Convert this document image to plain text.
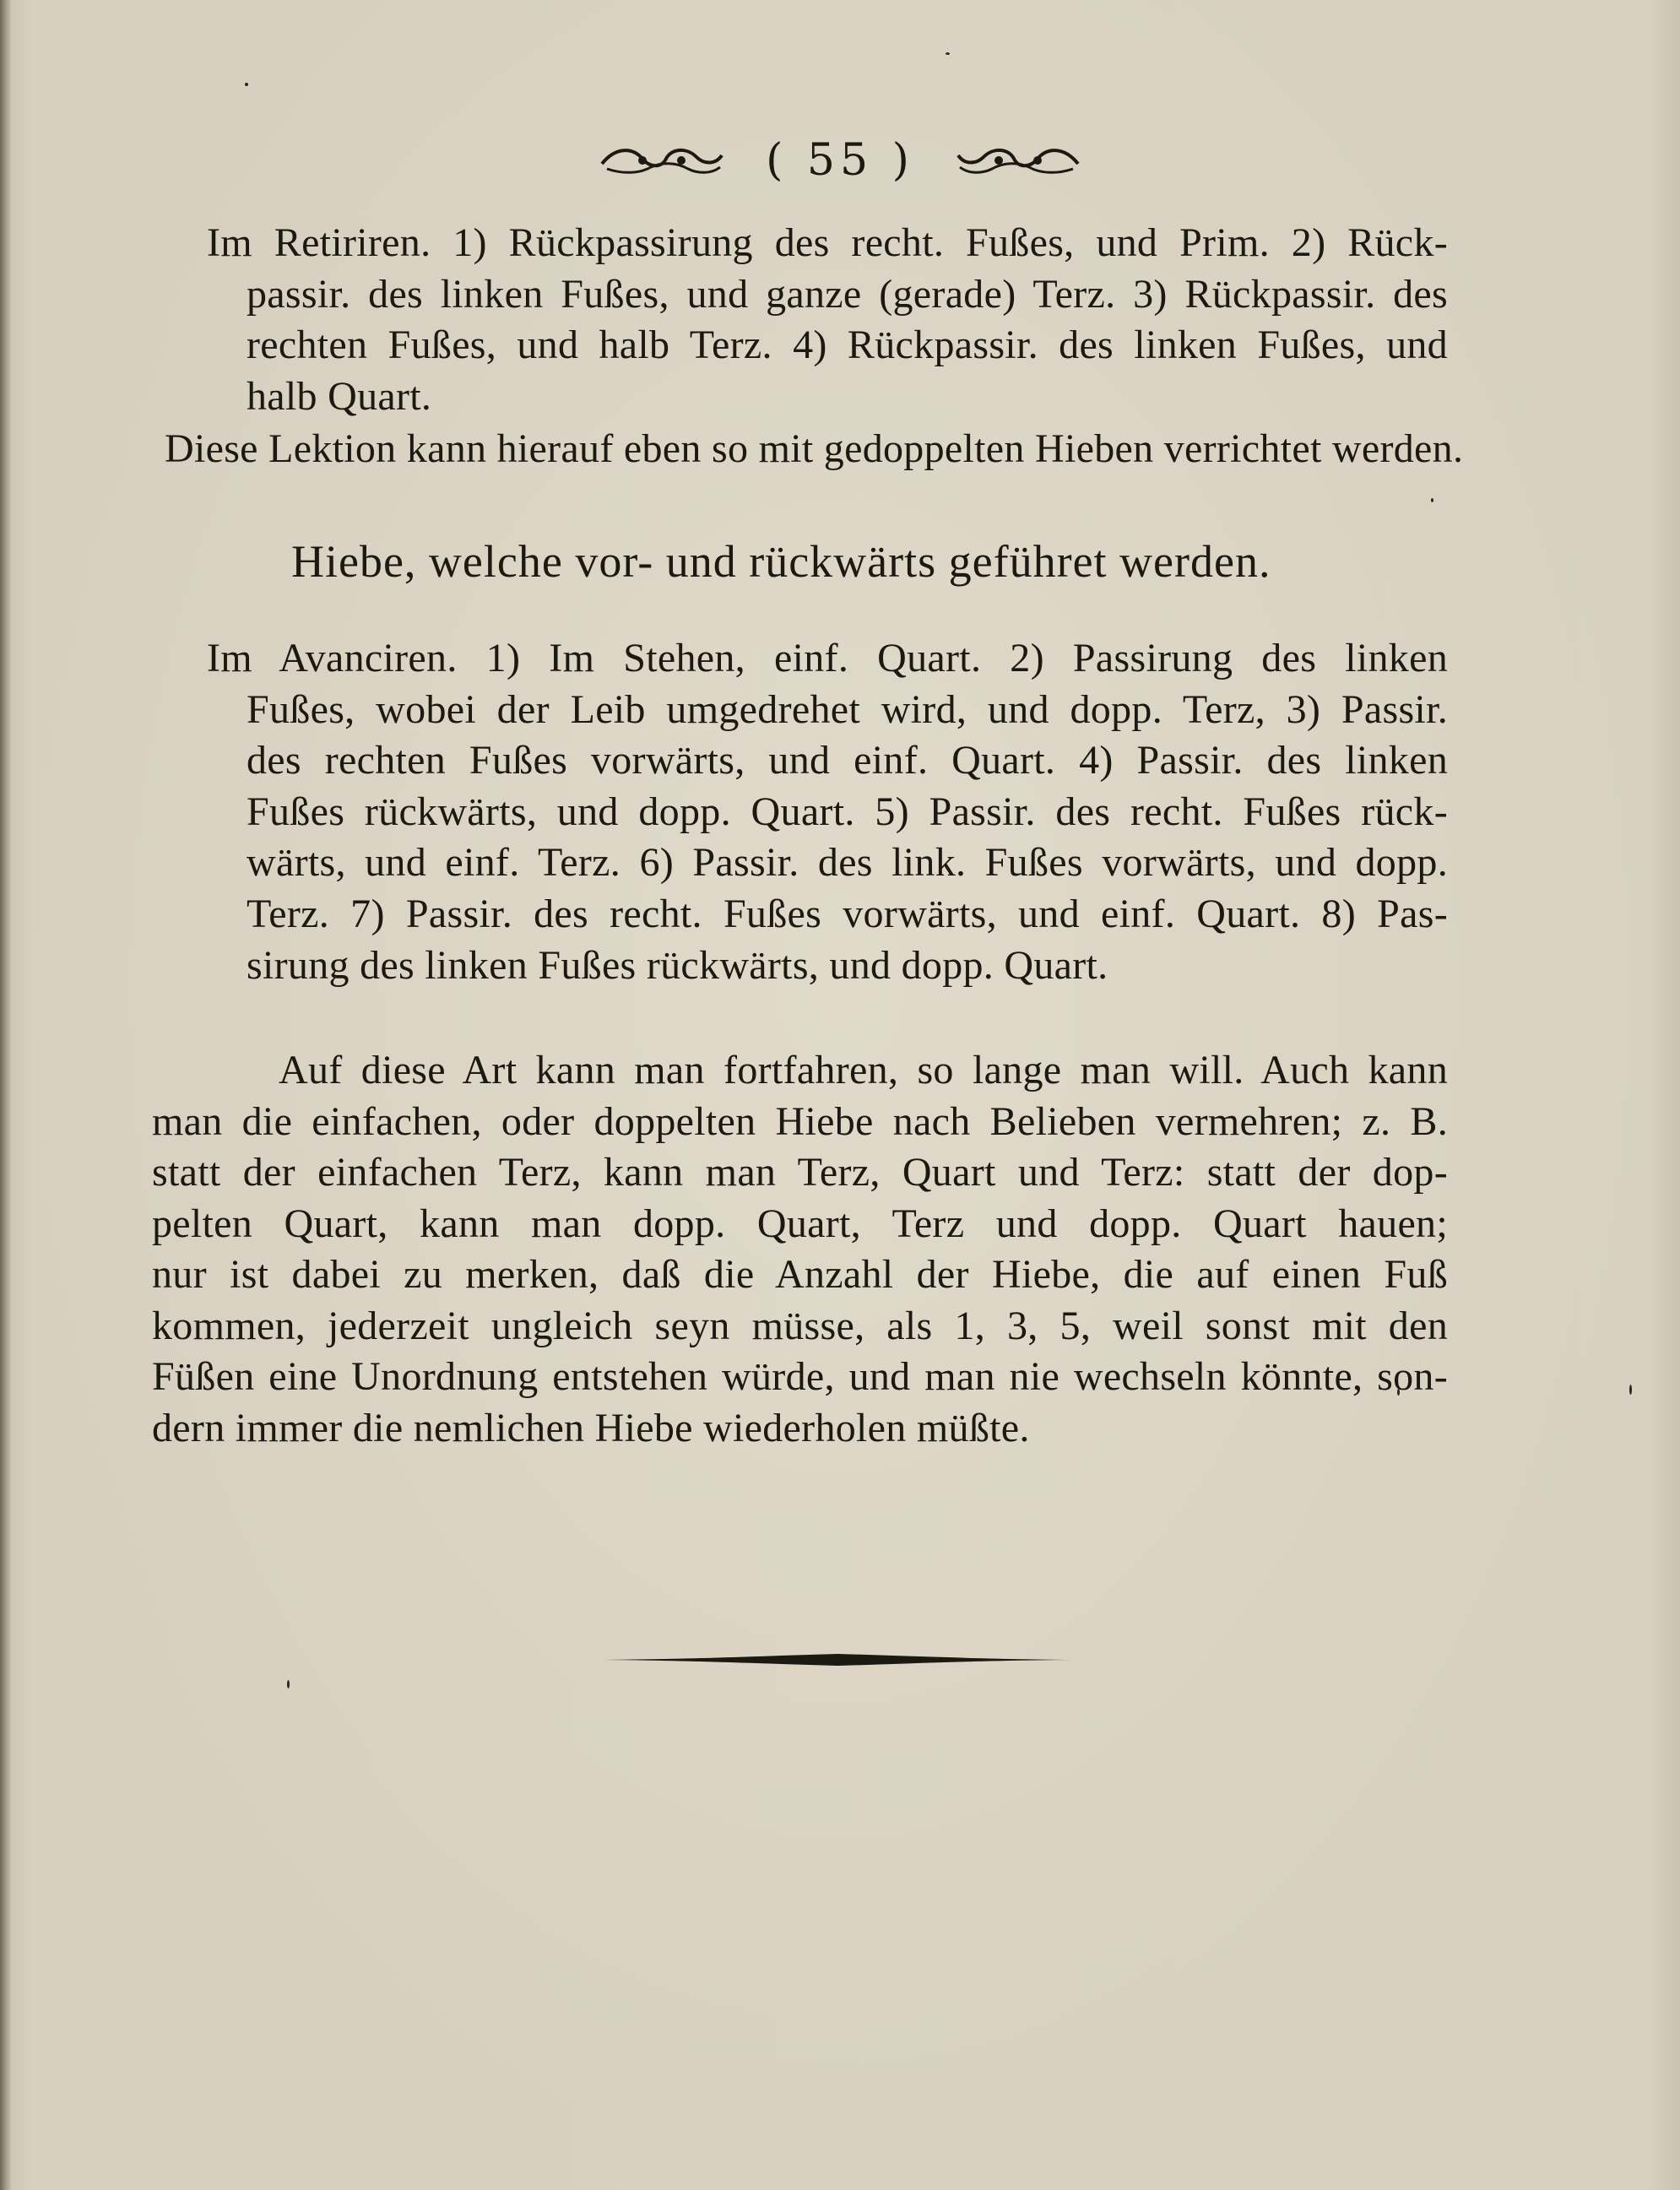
( 55 )
Im Retiriren. 1) Rückpassirung des recht. Fußes, und Prim. 2) Rück-
passir. des linken Fußes, und ganze (gerade) Terz. 3) Rückpassir. des
rechten Fußes, und halb Terz. 4) Rückpassir. des linken Fußes, und
halb Quart.
Diese Lektion kann hierauf eben so mit gedoppelten Hieben verrichtet werden.
Hiebe, welche vor- und rückwärts geführet werden.
Im Avanciren. 1) Im Stehen, einf. Quart. 2) Passirung des linken
Fußes, wobei der Leib umgedrehet wird, und dopp. Terz, 3) Passir.
des rechten Fußes vorwärts, und einf. Quart. 4) Passir. des linken
Fußes rückwärts, und dopp. Quart. 5) Passir. des recht. Fußes rück-
wärts, und einf. Terz. 6) Passir. des link. Fußes vorwärts, und dopp.
Terz. 7) Passir. des recht. Fußes vorwärts, und einf. Quart. 8) Pas-
sirung des linken Fußes rückwärts, und dopp. Quart.
Auf diese Art kann man fortfahren, so lange man will. Auch kann
man die einfachen, oder doppelten Hiebe nach Belieben vermehren; z. B.
statt der einfachen Terz, kann man Terz, Quart und Terz: statt der dop-
pelten Quart, kann man dopp. Quart, Terz und dopp. Quart hauen;
nur ist dabei zu merken, daß die Anzahl der Hiebe, die auf einen Fuß
kommen, jederzeit ungleich seyn müsse, als 1, 3, 5, weil sonst mit den
Füßen eine Unordnung entstehen würde, und man nie wechseln könnte, son-
dern immer die nemlichen Hiebe wiederholen müßte.
